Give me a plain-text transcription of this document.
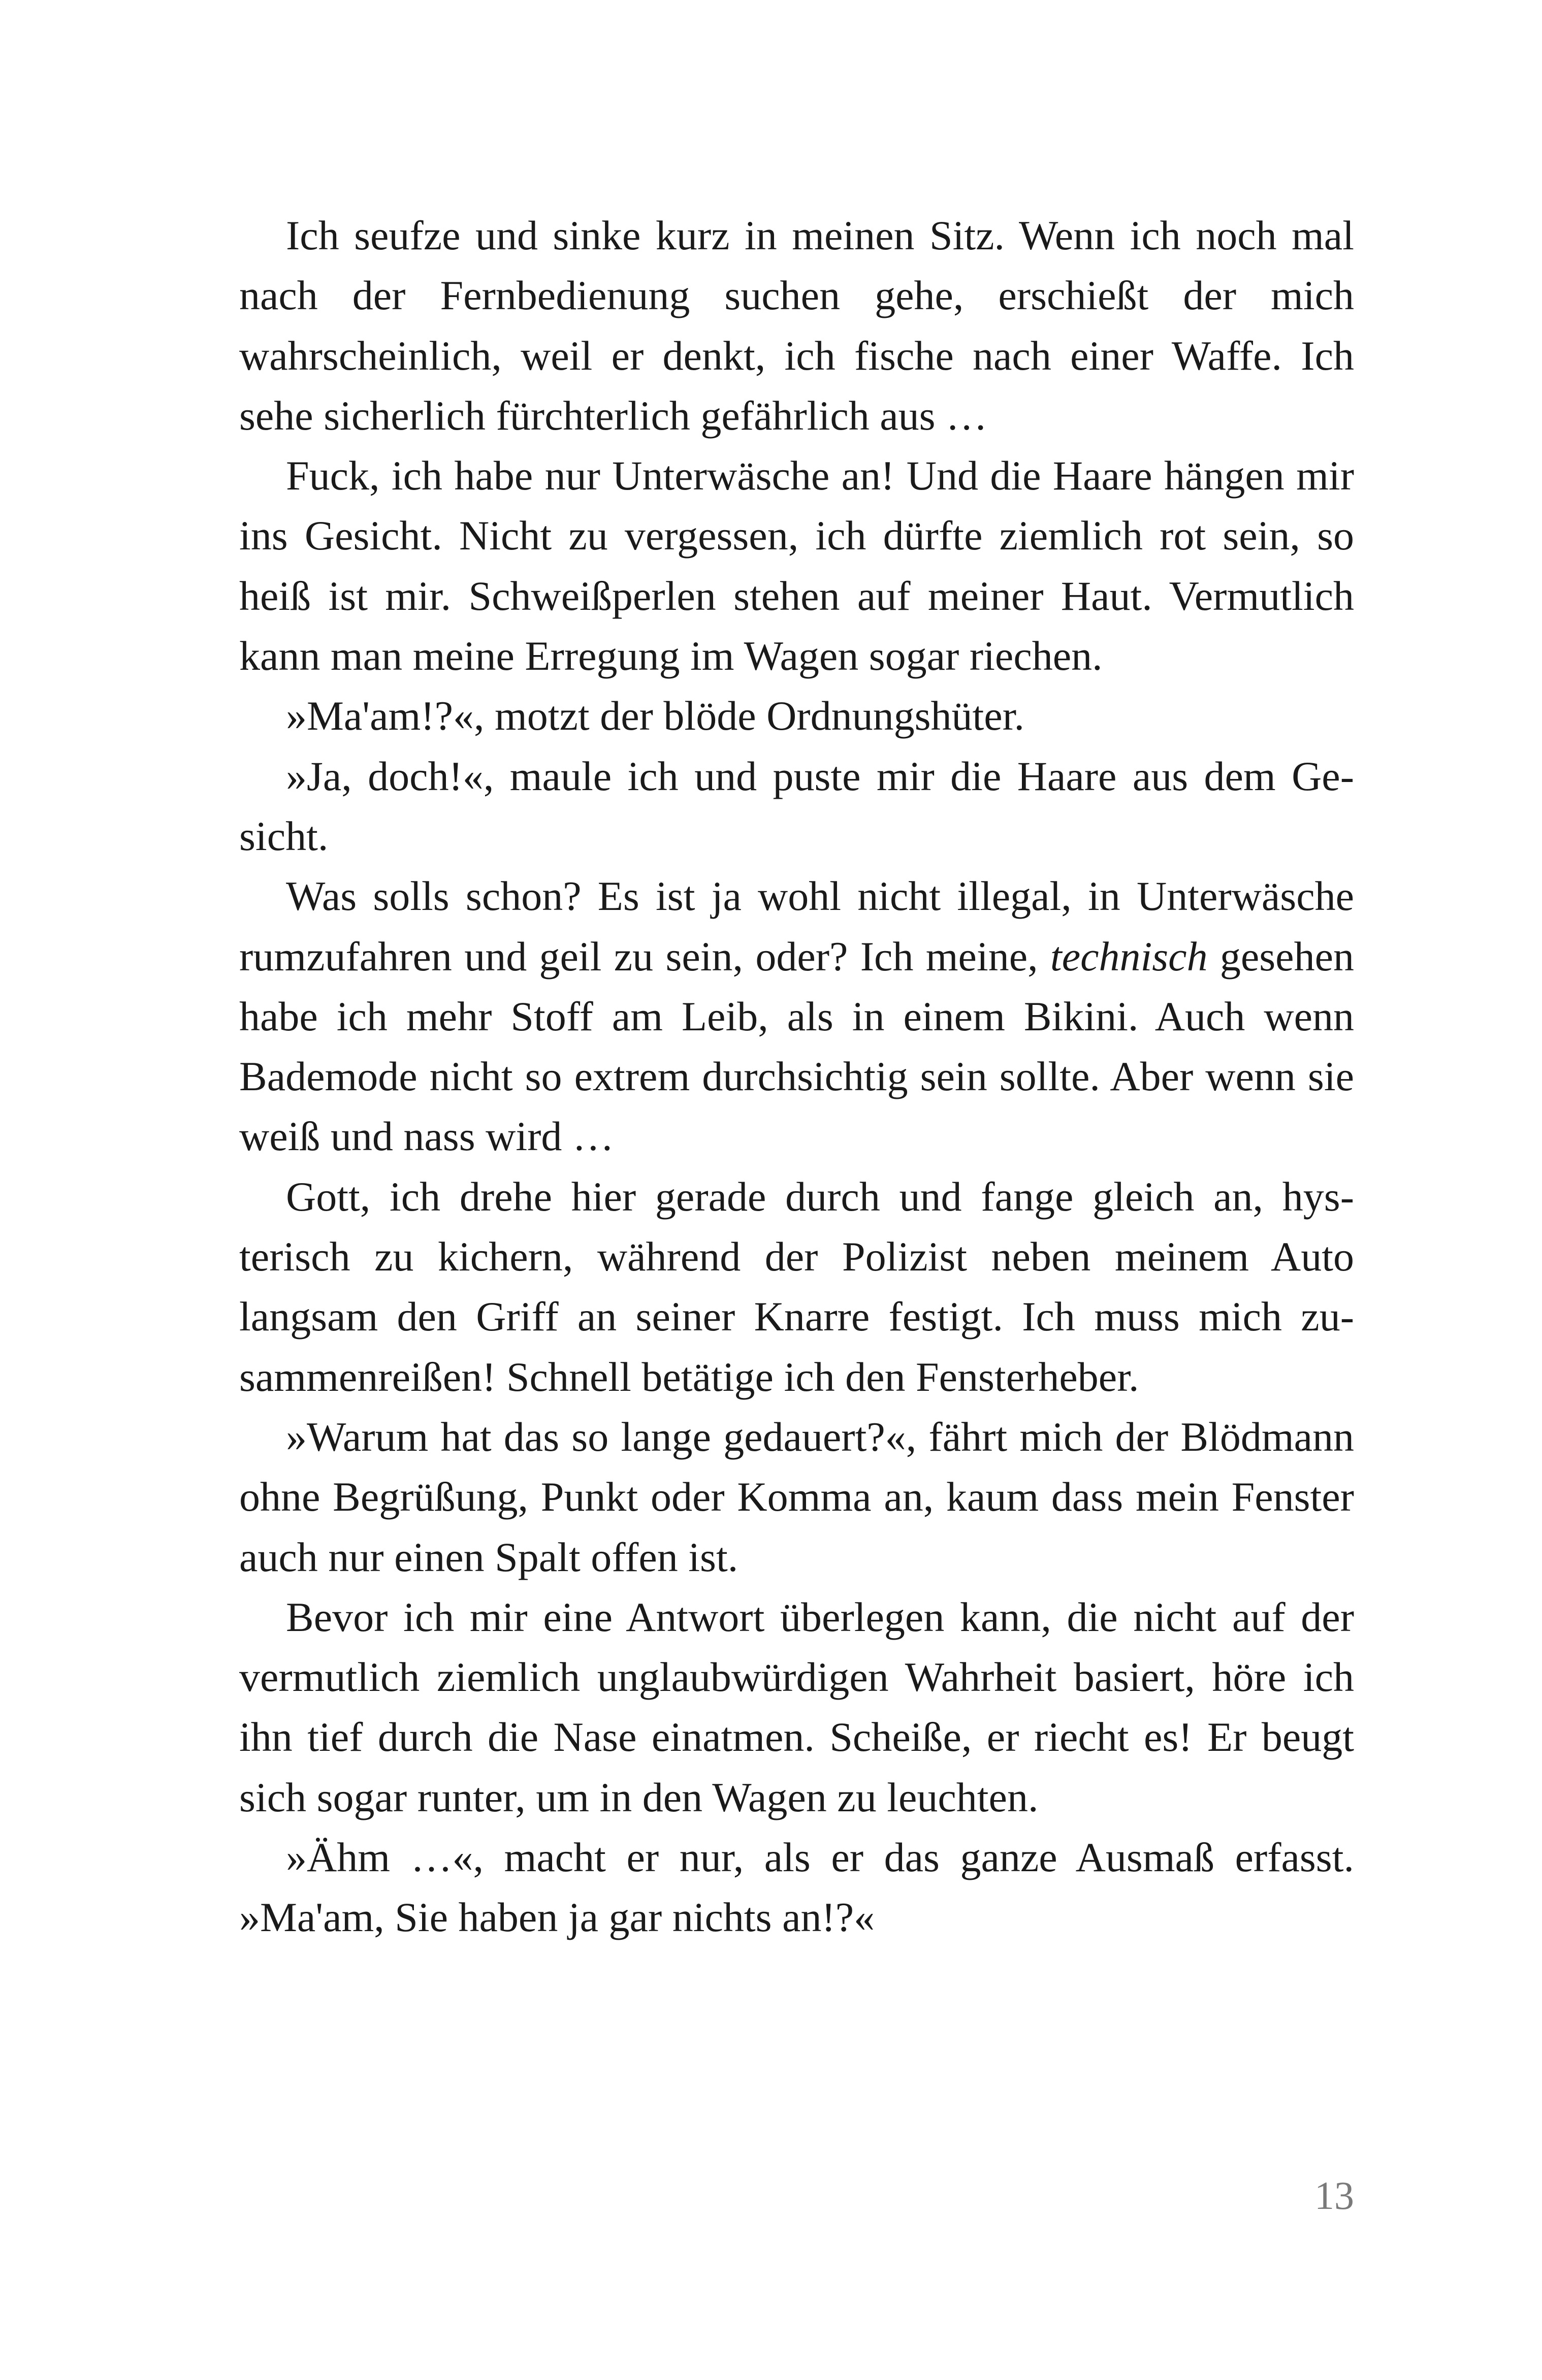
Ich seufze und sinke kurz in meinen Sitz. Wenn ich noch mal nach der Fernbedienung suchen gehe, erschießt der mich wahrscheinlich, weil er denkt, ich fische nach einer Waffe. Ich sehe sicherlich fürchterlich gefährlich aus …

Fuck, ich habe nur Unterwäsche an! Und die Haare hängen mir ins Gesicht. Nicht zu vergessen, ich dürfte ziemlich rot sein, so heiß ist mir. Schweißperlen stehen auf meiner Haut. Vermutlich kann man meine Erregung im Wagen sogar riechen.

»Ma'am!?«, motzt der blöde Ordnungshüter.

»Ja, doch!«, maule ich und puste mir die Haare aus dem Gesicht.

Was solls schon? Es ist ja wohl nicht illegal, in Unterwäsche rumzufahren und geil zu sein, oder? Ich meine, technisch gesehen habe ich mehr Stoff am Leib, als in einem Bikini. Auch wenn Bademode nicht so extrem durchsichtig sein sollte. Aber wenn sie weiß und nass wird …

Gott, ich drehe hier gerade durch und fange gleich an, hysterisch zu kichern, während der Polizist neben meinem Auto langsam den Griff an seiner Knarre festigt. Ich muss mich zusammenreißen! Schnell betätige ich den Fensterheber.

»Warum hat das so lange gedauert?«, fährt mich der Blödmann ohne Begrüßung, Punkt oder Komma an, kaum dass mein Fenster auch nur einen Spalt offen ist.

Bevor ich mir eine Antwort überlegen kann, die nicht auf der vermutlich ziemlich unglaubwürdigen Wahrheit basiert, höre ich ihn tief durch die Nase einatmen. Scheiße, er riecht es! Er beugt sich sogar runter, um in den Wagen zu leuchten.

»Ähm …«, macht er nur, als er das ganze Ausmaß erfasst. »Ma'am, Sie haben ja gar nichts an!?«

13
